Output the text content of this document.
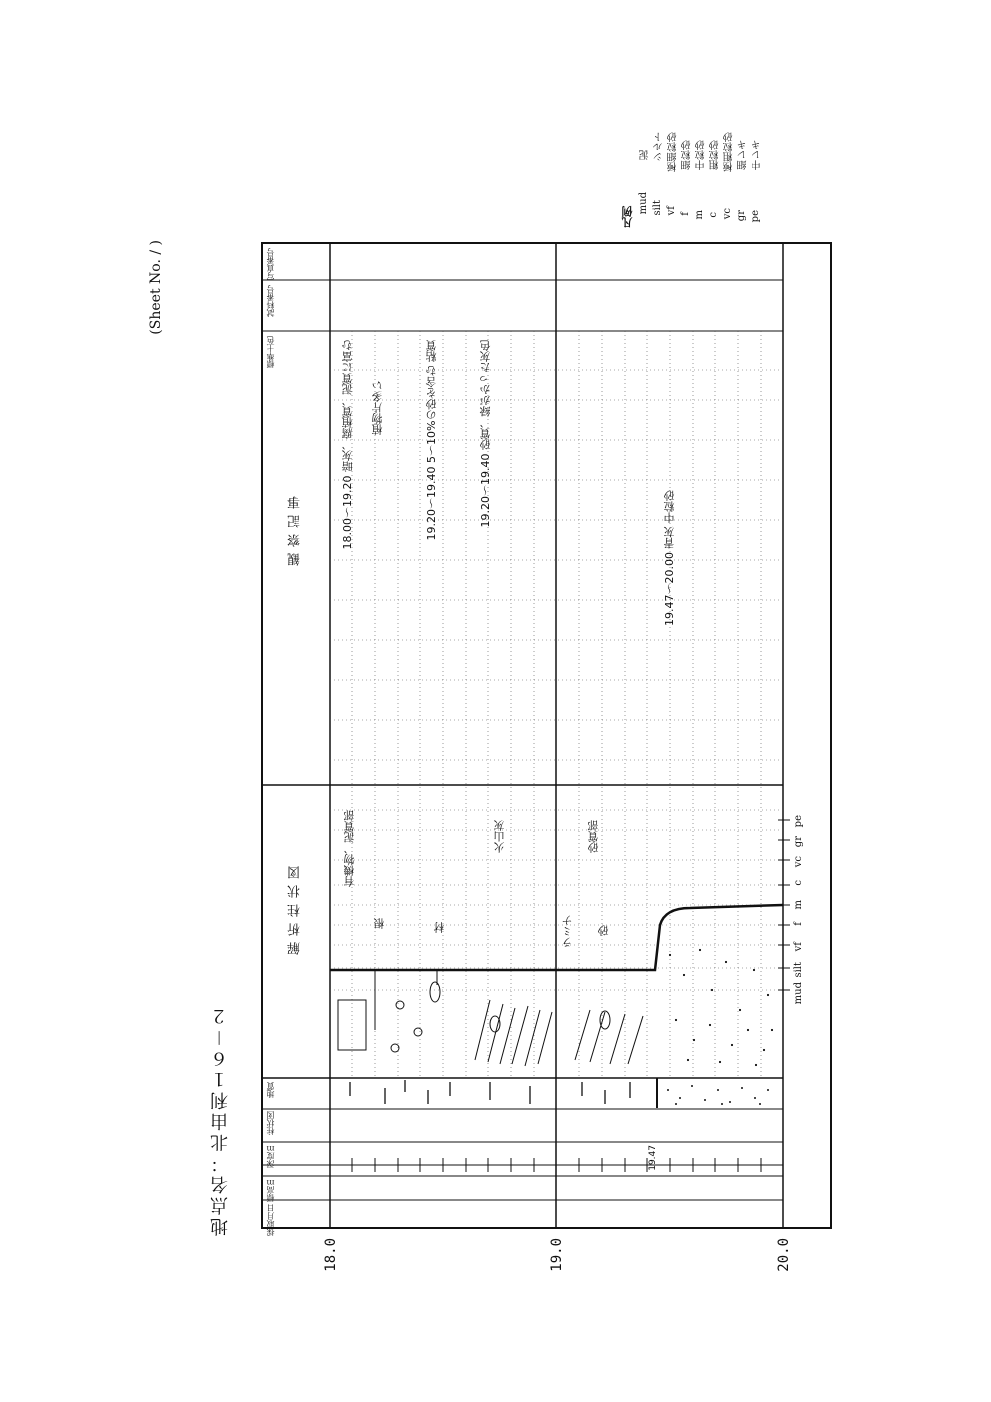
(Sheet No. / )
地点名：北由利１６－２
凡例
mud
泥
silt
シルト
vf
極細粒砂
f
細粒砂
m
中粒砂
c
粗粒砂
vc
極粗粒砂
gr
細レキ
pe
中レキ
採取月日
標高ｍ
深度ｍ
柱状図
地質
解析柱状図
観察記事
標準土色
試料番号
写真番号
18.0	19.0	20.0
mud
silt
vf
f
m
c
vc
gr
pe
19.47
有機物、泥質部
根	材
火山灰
ラミナ 砂
砂質部
18.00〜19.20 暗灰、腐植質、泥質に富む 植物片多い	19.20〜19.40 5〜10%の砂を含む 粘質	19.20〜19.40 砂質、緑がかった灰色
19.47〜20.00 青灰 中粒砂
